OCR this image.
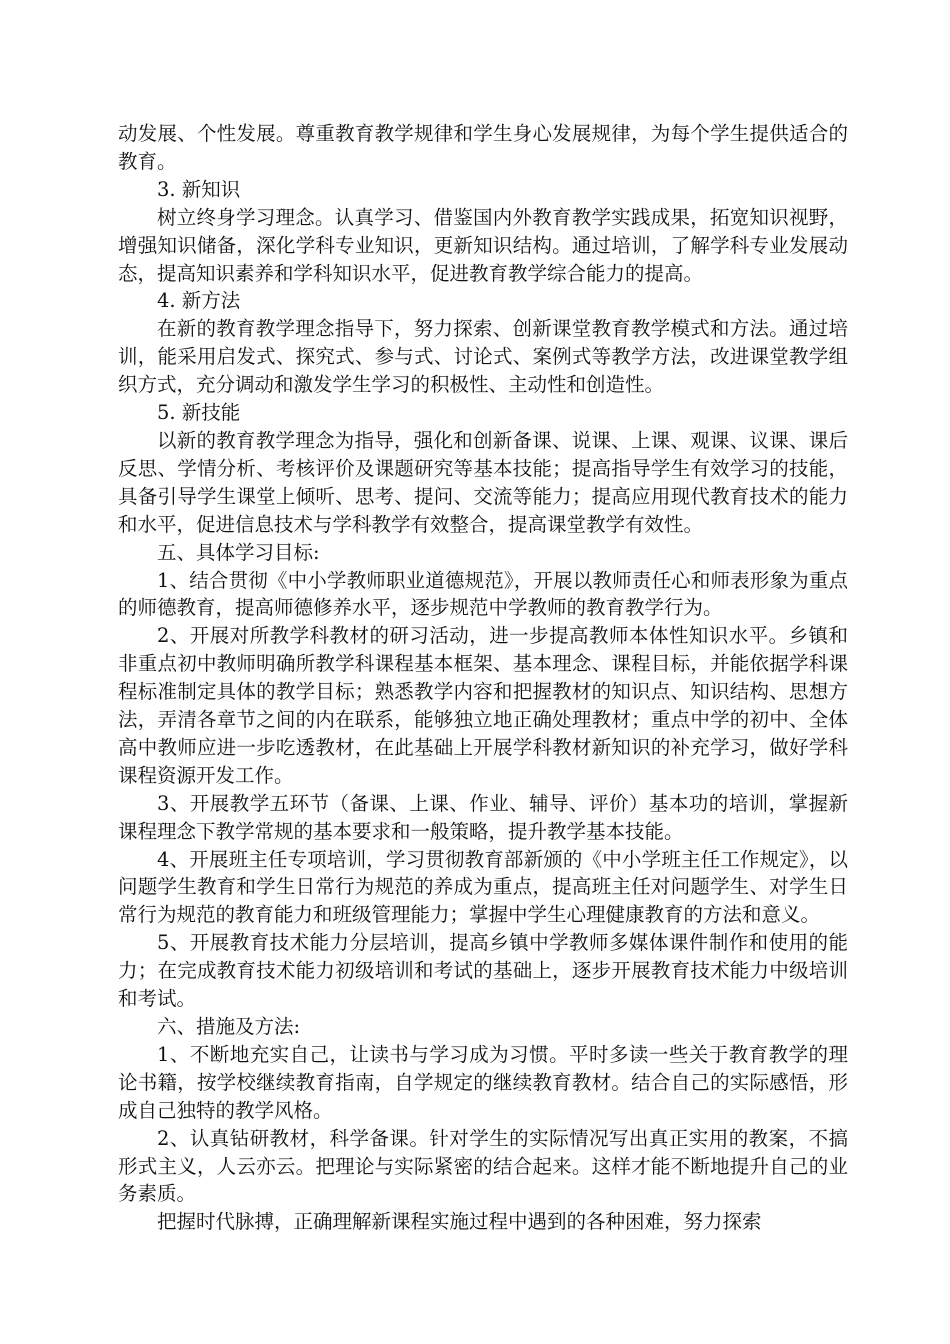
动发展、个性发展。尊重教育教学规律和学生身心发展规律，为每个学生提供适合的教育。

3. 新知识

树立终身学习理念。认真学习、借鉴国内外教育教学实践成果，拓宽知识视野，增强知识储备，深化学科专业知识，更新知识结构。通过培训，了解学科专业发展动态，提高知识素养和学科知识水平，促进教育教学综合能力的提高。

4. 新方法

在新的教育教学理念指导下，努力探索、创新课堂教育教学模式和方法。通过培训，能采用启发式、探究式、参与式、讨论式、案例式等教学方法，改进课堂教学组织方式，充分调动和激发学生学习的积极性、主动性和创造性。

5. 新技能

以新的教育教学理念为指导，强化和创新备课、说课、上课、观课、议课、课后反思、学情分析、考核评价及课题研究等基本技能；提高指导学生有效学习的技能，具备引导学生课堂上倾听、思考、提问、交流等能力；提高应用现代教育技术的能力和水平，促进信息技术与学科教学有效整合，提高课堂教学有效性。

五、具体学习目标:

1、结合贯彻《中小学教师职业道德规范》，开展以教师责任心和师表形象为重点的师德教育，提高师德修养水平，逐步规范中学教师的教育教学行为。

2、开展对所教学科教材的研习活动，进一步提高教师本体性知识水平。乡镇和非重点初中教师明确所教学科课程基本框架、基本理念、课程目标，并能依据学科课程标准制定具体的教学目标；熟悉教学内容和把握教材的知识点、知识结构、思想方法，弄清各章节之间的内在联系，能够独立地正确处理教材；重点中学的初中、全体高中教师应进一步吃透教材，在此基础上开展学科教材新知识的补充学习，做好学科课程资源开发工作。

3、开展教学五环节（备课、上课、作业、辅导、评价）基本功的培训，掌握新课程理念下教学常规的基本要求和一般策略，提升教学基本技能。

4、开展班主任专项培训，学习贯彻教育部新颁的《中小学班主任工作规定》，以问题学生教育和学生日常行为规范的养成为重点，提高班主任对问题学生、对学生日常行为规范的教育能力和班级管理能力；掌握中学生心理健康教育的方法和意义。

5、开展教育技术能力分层培训，提高乡镇中学教师多媒体课件制作和使用的能力；在完成教育技术能力初级培训和考试的基础上，逐步开展教育技术能力中级培训和考试。

六、措施及方法:

1、不断地充实自己，让读书与学习成为习惯。平时多读一些关于教育教学的理论书籍，按学校继续教育指南，自学规定的继续教育教材。结合自己的实际感悟，形成自己独特的教学风格。

2、认真钻研教材，科学备课。针对学生的实际情况写出真正实用的教案，不搞形式主义，人云亦云。把理论与实际紧密的结合起来。这样才能不断地提升自己的业务素质。

把握时代脉搏，正确理解新课程实施过程中遇到的各种困难，努力探索
